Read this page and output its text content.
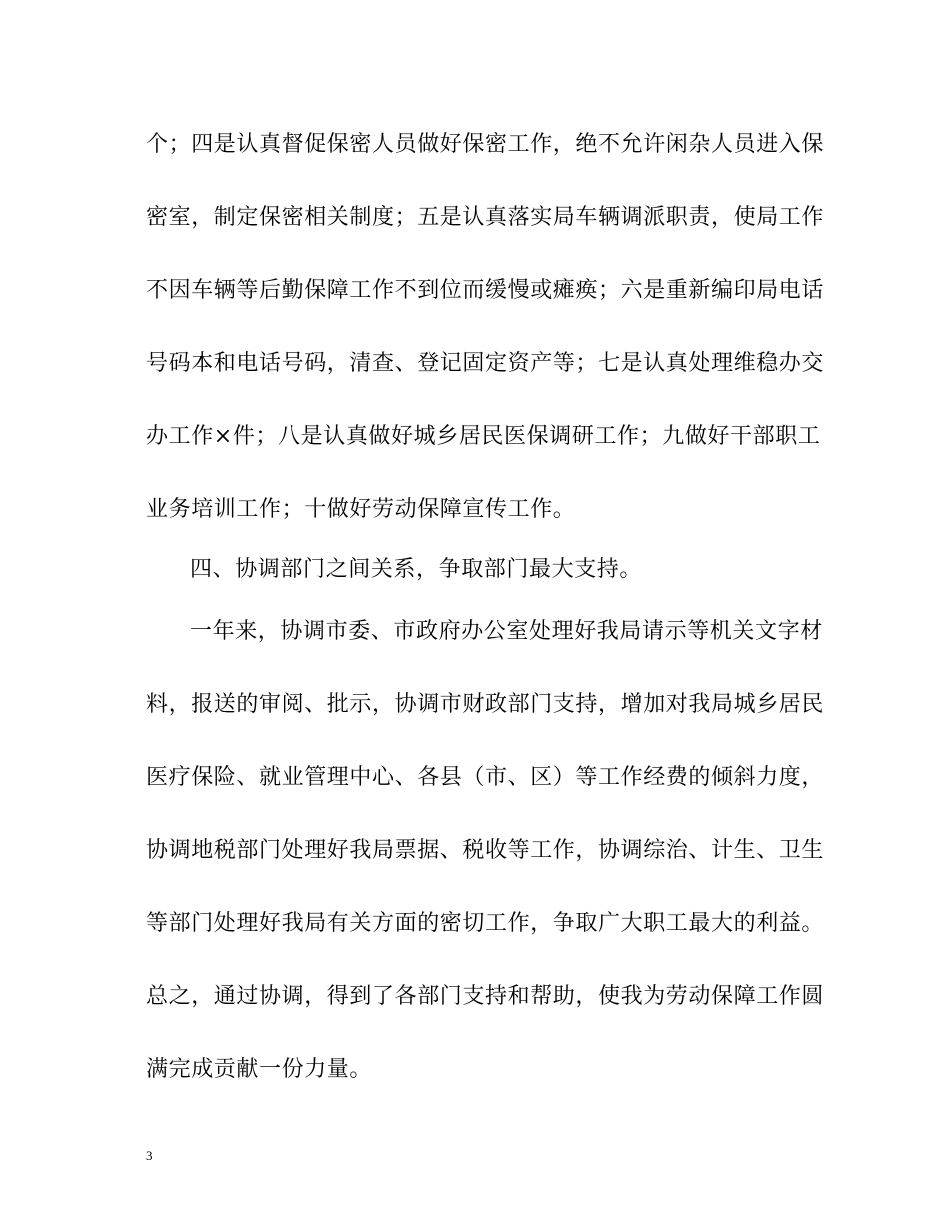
个；四是认真督促保密人员做好保密工作，绝不允许闲杂人员进入保
密室，制定保密相关制度；五是认真落实局车辆调派职责，使局工作
不因车辆等后勤保障工作不到位而缓慢或瘫痪；六是重新编印局电话
号码本和电话号码，清查、登记固定资产等；七是认真处理维稳办交
办工作×件；八是认真做好城乡居民医保调研工作；九做好干部职工
业务培训工作；十做好劳动保障宣传工作。
四、协调部门之间关系，争取部门最大支持。
一年来，协调市委、市政府办公室处理好我局请示等机关文字材
料，报送的审阅、批示，协调市财政部门支持，增加对我局城乡居民
医疗保险、就业管理中心、各县（市、区）等工作经费的倾斜力度，
协调地税部门处理好我局票据、税收等工作，协调综治、计生、卫生
等部门处理好我局有关方面的密切工作，争取广大职工最大的利益。
总之，通过协调，得到了各部门支持和帮助，使我为劳动保障工作圆
满完成贡献一份力量。
3
